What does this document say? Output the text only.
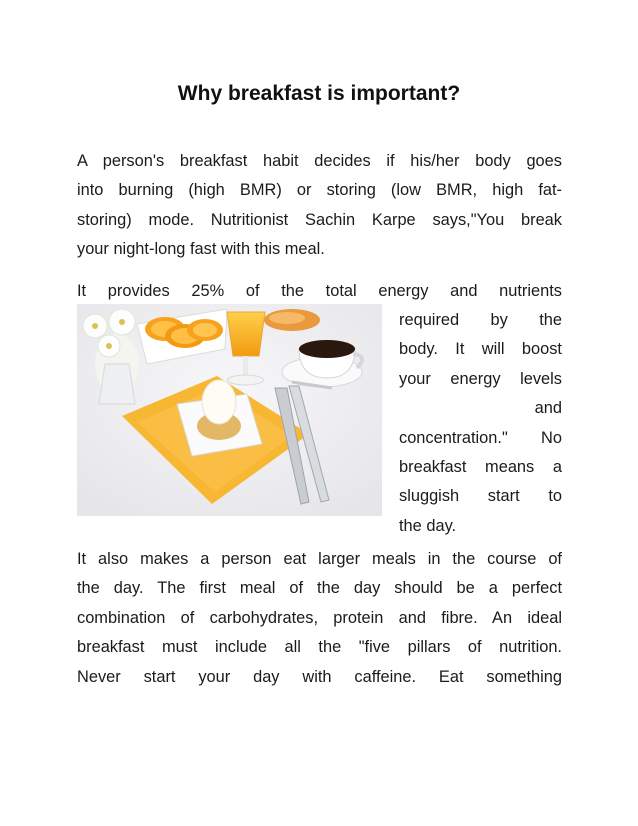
Why breakfast is important?
A person's breakfast habit decides if his/her body goes
into burning (high BMR) or storing (low BMR, high fat-
storing) mode. Nutritionist Sachin Karpe says,"You break
your night-long fast with this meal.
It provides 25% of the total energy and nutrients
required by the
body. It will boost
your energy levels
and
concentration." No
breakfast means a
sluggish start to
the day.
It also makes a person eat larger meals in the course of
the day. The first meal of the day should be a perfect
combination of carbohydrates, protein and fibre. An ideal
breakfast must include all the "five pillars of nutrition.
Never start your day with caffeine. Eat something
